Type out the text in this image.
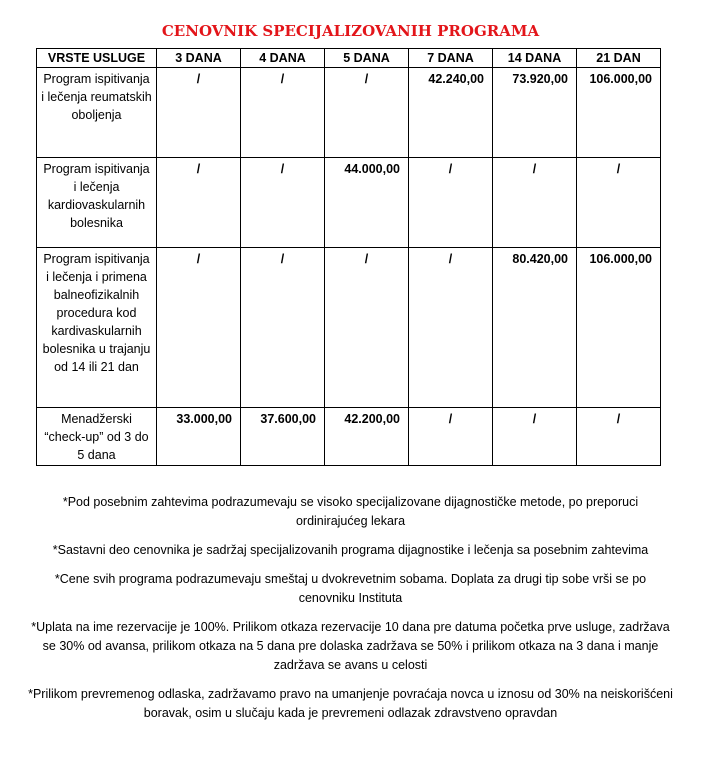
CENOVNIK SPECIJALIZOVANIH PROGRAMA
VRSTE USLUGE	3 DANA	4 DANA	5 DANA	7 DANA	14 DANA	21 DAN
Program ispitivanja i lečenja reumatskih oboljenja	/	/	/	42.240,00	73.920,00	106.000,00
Program ispitivanja i lečenja kardiovaskularnih bolesnika	/	/	44.000,00	/	/	/
Program ispitivanja i lečenja i primena balneofizikalnih procedura kod kardivaskularnih bolesnika u trajanju od 14 ili 21 dan	/	/	/	/	80.420,00	106.000,00
Menadžerski “check-up” od 3 do 5 dana	33.000,00	37.600,00	42.200,00	/	/	/

*Pod posebnim zahtevima podrazumevaju se visoko specijalizovane dijagnostičke metode, po preporuci ordinirajućeg lekara

*Sastavni deo cenovnika je sadržaj specijalizovanih programa dijagnostike i lečenja sa posebnim zahtevima

*Cene svih programa podrazumevaju smeštaj u dvokrevetnim sobama. Doplata za drugi tip sobe vrši se po cenovniku Instituta

*Uplata na ime rezervacije je 100%. Prilikom otkaza rezervacije 10 dana pre datuma početka prve usluge, zadržava se 30% od avansa, prilikom otkaza na 5 dana pre dolaska zadržava se 50% i prilikom otkaza na 3 dana i manje zadržava se avans u celosti

*Prilikom prevremenog odlaska, zadržavamo pravo na umanjenje povraćaja novca u iznosu od 30% na neiskorišćeni boravak, osim u slučaju kada je prevremeni odlazak zdravstveno opravdan
